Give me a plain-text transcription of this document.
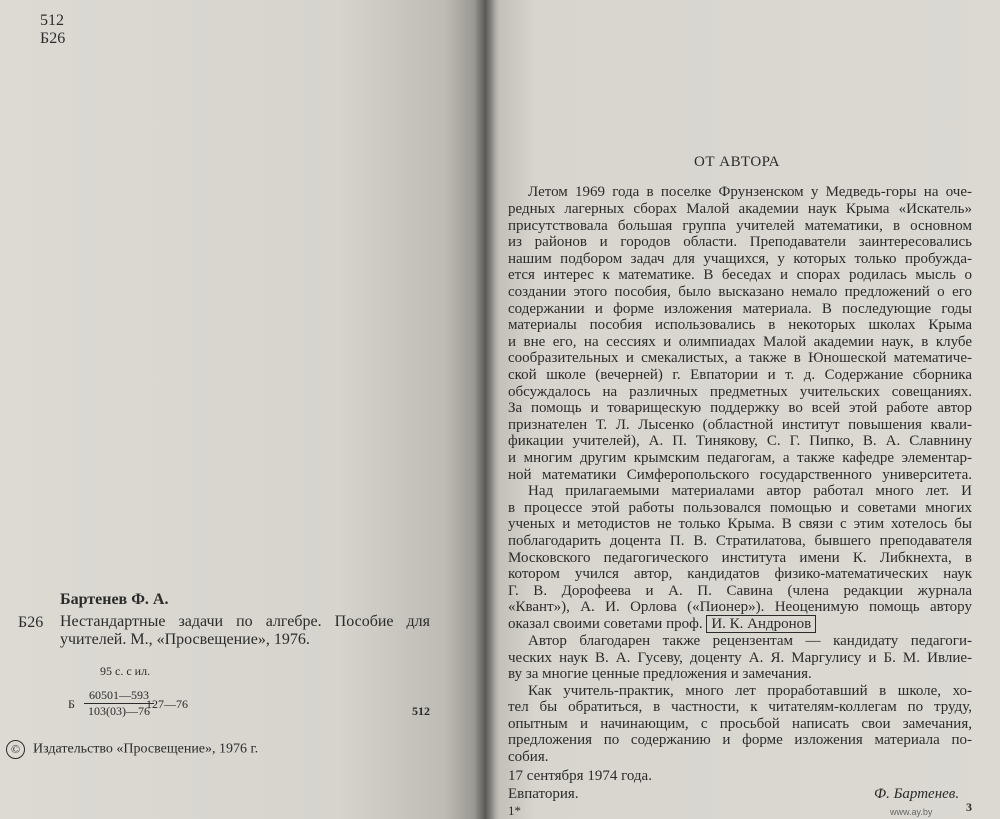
512
Б26
Бартенев Ф. А.
Б26 Нестандартные задачи по алгебре. Пособие для учителей. М., «Просвещение», 1976.
95 с. с ил.
Б $\frac{60501—593}{103(03)—76}$
127—76	512
© Издательство «Просвещение», 1976 г.
ОТ АВТОРА
Летом 1969 года в поселке Фрунзенском у Медведь-горы на оче-
редных лагерных сборах Малой академии наук Крыма «Искатель»
присутствовала большая группа учителей математики, в основном
из районов и городов области. Преподаватели заинтересовались
нашим подбором задач для учащихся, у которых только пробужда-
ется интерес к математике. В беседах и спорах родилась мысль о
создании этого пособия, было высказано немало предложений о его
содержании и форме изложения материала. В последующие годы
материалы пособия использовались в некоторых школах Крыма
и вне его, на сессиях и олимпиадах Малой академии наук, в клубе
сообразительных и смекалистых, а также в Юношеской математиче-
ской школе (вечерней) г. Евпатории и т. д. Содержание сборника
обсуждалось на различных предметных учительских совещаниях.
За помощь и товарищескую поддержку во всей этой работе автор
признателен Т. Л. Лысенко (областной институт повышения квали-
фикации учителей), А. П. Тинякову, С. Г. Пипко, В. А. Славнину
и многим другим крымским педагогам, а также кафедре элементар-
ной математики Симферопольского государственного университета.
Над прилагаемыми материалами автор работал много лет. И
в процессе этой работы пользовался помощью и советами многих
ученых и методистов не только Крыма. В связи с этим хотелось бы
поблагодарить доцента П. В. Стратилатова, бывшего преподавателя
Московского педагогического института имени К. Либкнехта, в
котором учился автор, кандидатов физико-математических наук
Г. В. Дорофеева и А. П. Савина (члена редакции журнала
«Квант»), А. И. Орлова («Пионер»). Неоценимую помощь автору
оказал своими советами проф. И. К. Андронов
Автор благодарен также рецензентам — кандидату педагоги-
ческих наук В. А. Гусеву, доценту А. Я. Маргулису и Б. М. Ивлие-
ву за многие ценные предложения и замечания.
Как учитель-практик, много лет проработавший в школе, хо-
тел бы обратиться, в частности, к читателям-коллегам по труду,
опытным и начинающим, с просьбой написать свои замечания,
предложения по содержанию и форме изложения материала по-
собия.
17 сентября 1974 года.
Евпатория.	Ф. Бартенев.
1*	3
www.ay.by
